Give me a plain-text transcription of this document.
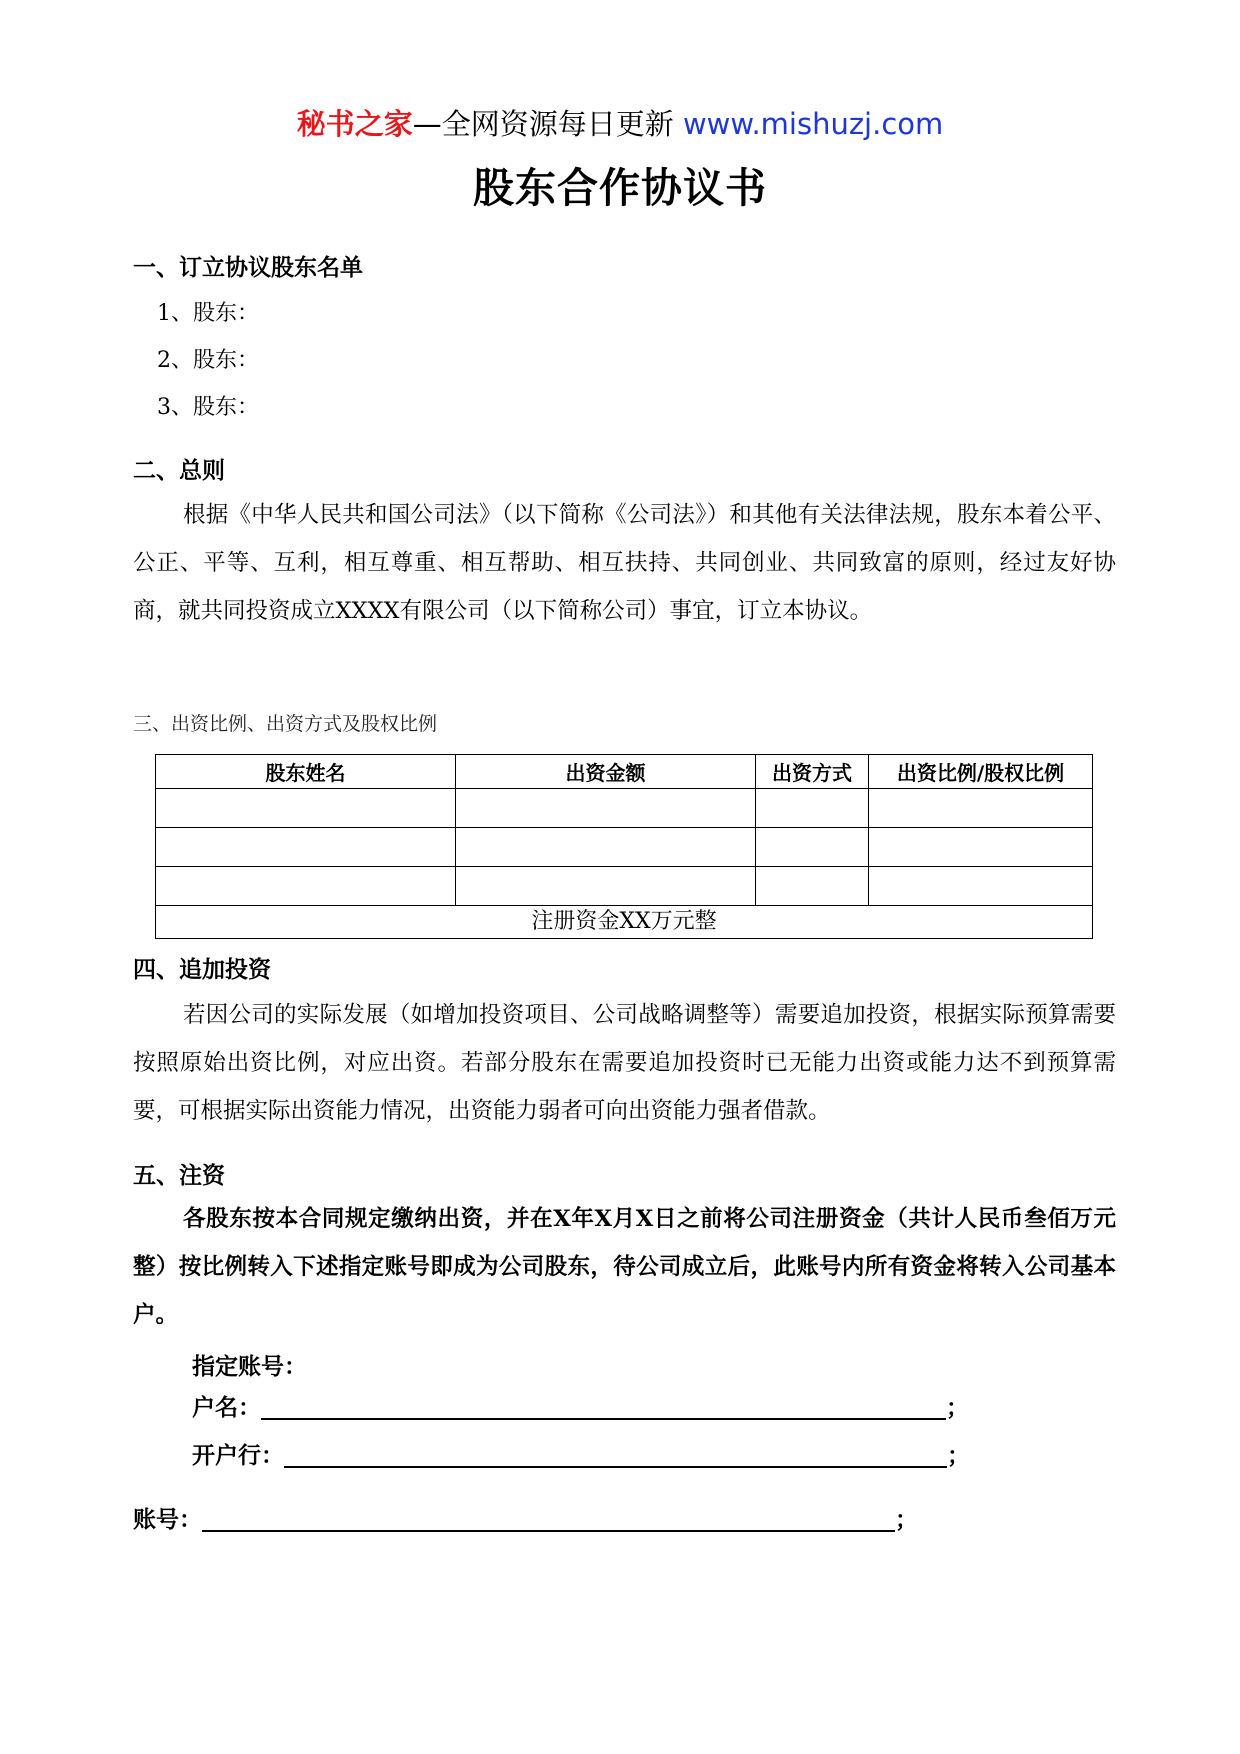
秘书之家—全网资源每日更新 www.mishuzj.com
股东合作协议书
一、订立协议股东名单
1、股东：
2、股东：
3、股东：
二、总则
根据《中华人民共和国公司法》（以下简称《公司法》）和其他有关法律法规，股东本着公平、公正、平等、互利，相互尊重、相互帮助、相互扶持、共同创业、共同致富的原则，经过友好协商，就共同投资成立XXXX有限公司（以下简称公司）事宜，订立本协议。
三、出资比例、出资方式及股权比例
股东姓名	出资金额	出资方式	出资比例/股权比例

注册资金XX万元整			
四、追加投资
若因公司的实际发展（如增加投资项目、公司战略调整等）需要追加投资，根据实际预算需要按照原始出资比例，对应出资。若部分股东在需要追加投资时已无能力出资或能力达不到预算需要，可根据实际出资能力情况，出资能力弱者可向出资能力强者借款。
五、注资
各股东按本合同规定缴纳出资，并在X年X月X日之前将公司注册资金（共计人民币叁佰万元整）按比例转入下述指定账号即成为公司股东，待公司成立后，此账号内所有资金将转入公司基本户。
指定账号：
户名：	；
开户行：	；
账号：	；
